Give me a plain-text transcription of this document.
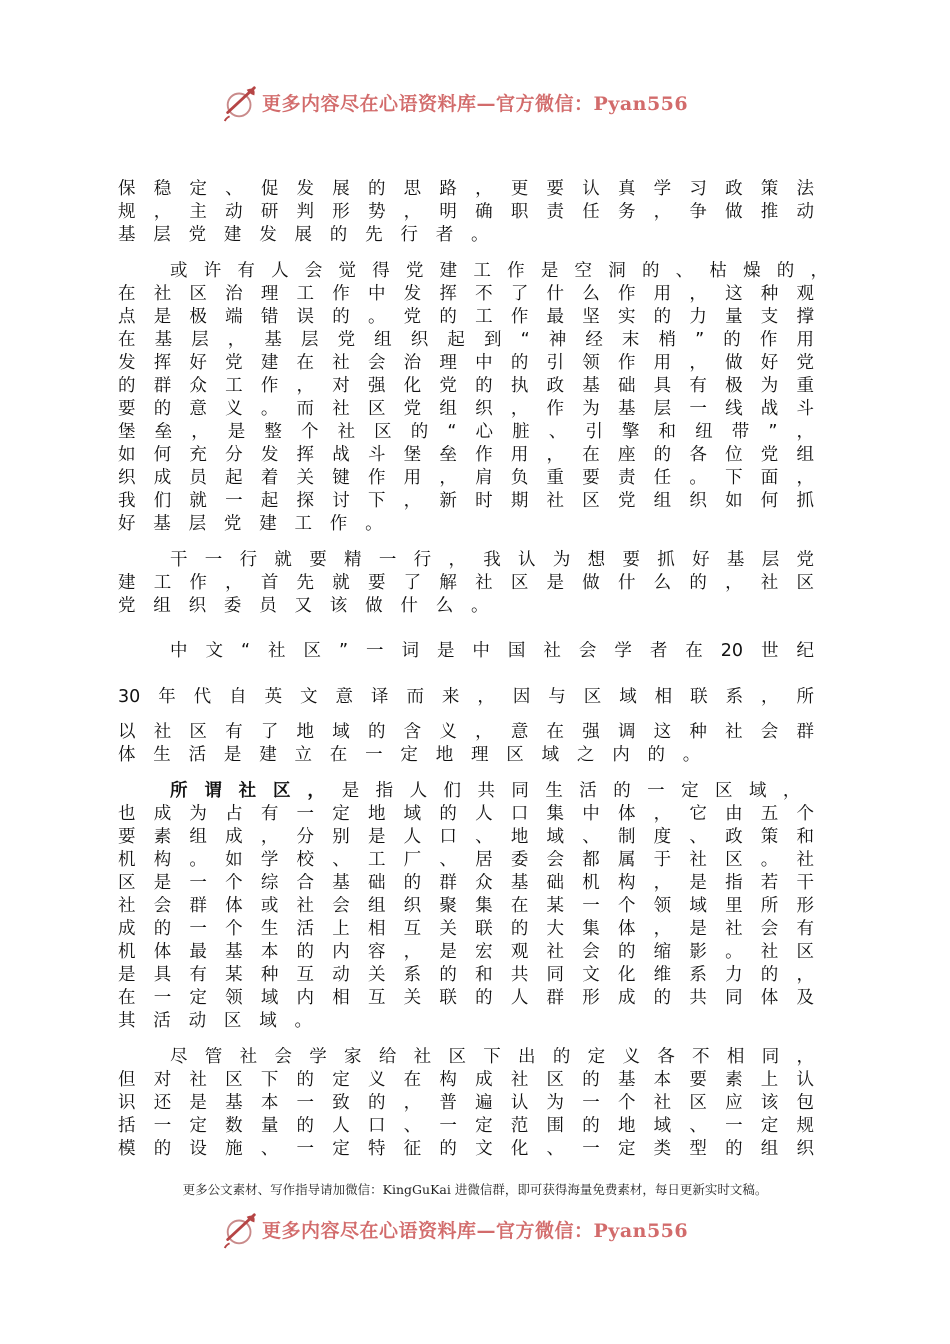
更多内容尽在心语资料库—官方微信：Pyan556
保稳定、促发展的思路，更要认真学习政策法
规，主动研判形势，明确职责任务，争做推动
基层党建发展的先行者。
或许有人会觉得党建工作是空洞的、枯燥的，
在社区治理工作中发挥不了什么作用，这种观
点是极端错误的。党的工作最坚实的力量支撑
在基层，基层党组织起到“神经末梢”的作用
发挥好党建在社会治理中的引领作用，做好党
的群众工作，对强化党的执政基础具有极为重
要的意义。而社区党组织，作为基层一线战斗
堡垒，是整个社区的“心脏、引擎和纽带”，
如何充分发挥战斗堡垒作用，在座的各位党组
织成员起着关键作用，肩负重要责任。下面，
我们就一起探讨下，新时期社区党组织如何抓
好基层党建工作。
干一行就要精一行，我认为想要抓好基层党
建工作，首先就要了解社区是做什么的，社区
党组织委员又该做什么。
中文“社区”一词是中国社会学者在20世纪
30年代自英文意译而来，因与区域相联系，所
以社区有了地域的含义，意在强调这种社会群
体生活是建立在一定地理区域之内的。
所谓社区，是指人们共同生活的一定区域，
也成为占有一定地域的人口集中体，它由五个
要素组成，分别是人口、地域、制度、政策和
机构。如学校、工厂、居委会都属于社区。社
区是一个综合基础的群众基础机构，是指若干
社会群体或社会组织聚集在某一个领域里所形
成的一个生活上相互关联的大集体，是社会有
机体最基本的内容，是宏观社会的缩影。社区
是具有某种互动关系的和共同文化维系力的，
在一定领域内相互关联的人群形成的共同体及
其活动区域。
尽管社会学家给社区下出的定义各不相同，
但对社区下的定义在构成社区的基本要素上认
识还是基本一致的，普遍认为一个社区应该包
括一定数量的人口、一定范围的地域、一定规
模的设施、一定特征的文化、一定类型的组织
更多公文素材、写作指导请加微信：KingGuKai 进微信群，即可获得海量免费素材，每日更新实时文稿。
更多内容尽在心语资料库—官方微信：Pyan556
